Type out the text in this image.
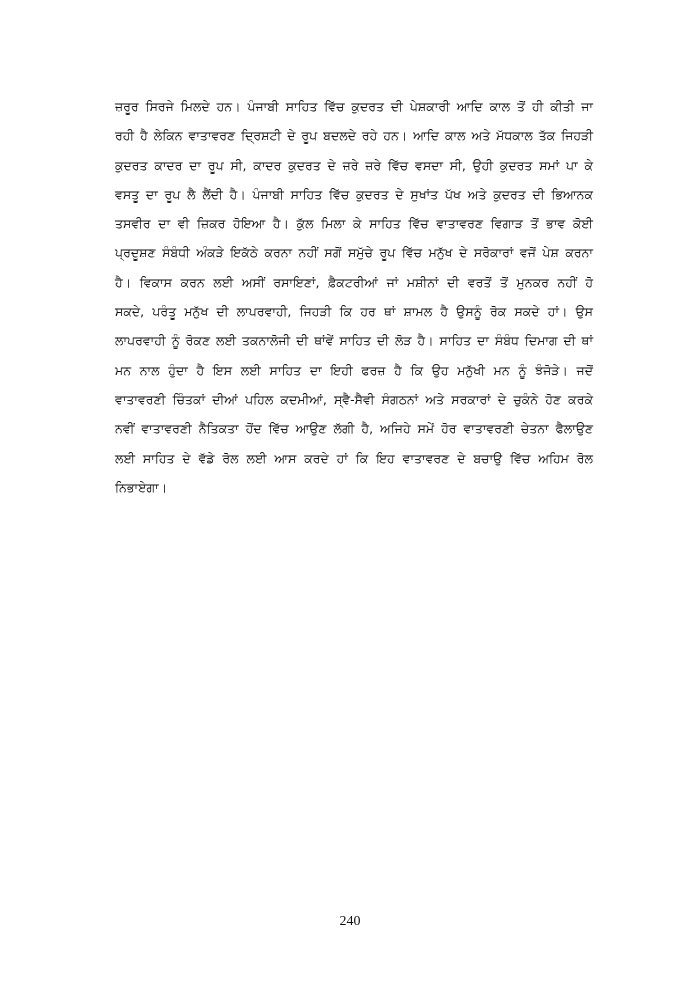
ਜ਼ਰੂਰ ਸਿਰਜੇ ਮਿਲਦੇ ਹਨ। ਪੰਜਾਬੀ ਸਾਹਿਤ ਵਿੱਚ ਕੁਦਰਤ ਦੀ ਪੇਸ਼ਕਾਰੀ ਆਦਿ ਕਾਲ ਤੋਂ ਹੀ ਕੀਤੀ ਜਾ
ਰਹੀ ਹੈ ਲੇਕਿਨ ਵਾਤਾਵਰਣ ਦ੍ਰਿਸ਼ਟੀ ਦੇ ਰੂਪ ਬਦਲਦੇ ਰਹੇ ਹਨ। ਆਦਿ ਕਾਲ ਅਤੇ ਮੱਧਕਾਲ ਤੱਕ ਜਿਹੜੀ
ਕੁਦਰਤ ਕਾਦਰ ਦਾ ਰੂਪ ਸੀ, ਕਾਦਰ ਕੁਦਰਤ ਦੇ ਜ਼ਰੇ ਜ਼ਰੇ ਵਿੱਚ ਵਸਦਾ ਸੀ, ਉਹੀ ਕੁਦਰਤ ਸਮਾਂ ਪਾ ਕੇ
ਵਸਤੂ ਦਾ ਰੂਪ ਲੈ ਲੈਂਦੀ ਹੈ। ਪੰਜਾਬੀ ਸਾਹਿਤ ਵਿੱਚ ਕੁਦਰਤ ਦੇ ਸੁਖਾਂਤ ਪੱਖ ਅਤੇ ਕੁਦਰਤ ਦੀ ਭਿਆਨਕ
ਤਸਵੀਰ ਦਾ ਵੀ ਜ਼ਿਕਰ ਹੋਇਆ ਹੈ। ਕੁੱਲ ਮਿਲਾ ਕੇ ਸਾਹਿਤ ਵਿੱਚ ਵਾਤਾਵਰਣ ਵਿਗਾੜ ਤੋਂ ਭਾਵ ਕੋਈ
ਪ੍ਰਦੂਸ਼ਣ ਸੰਬੰਧੀ ਅੰਕੜੇ ਇਕੱਠੇ ਕਰਨਾ ਨਹੀਂ ਸਗੋਂ ਸਮੁੱਚੇ ਰੂਪ ਵਿੱਚ ਮਨੁੱਖ ਦੇ ਸਰੋਕਾਰਾਂ ਵਜੋਂ ਪੇਸ਼ ਕਰਨਾ
ਹੈ। ਵਿਕਾਸ ਕਰਨ ਲਈ ਅਸੀਂ ਰਸਾਇਣਾਂ, ਫ਼ੈਕਟਰੀਆਂ ਜਾਂ ਮਸ਼ੀਨਾਂ ਦੀ ਵਰਤੋਂ ਤੋਂ ਮੁਨਕਰ ਨਹੀਂ ਹੋ
ਸਕਦੇ, ਪਰੰਤੂ ਮਨੁੱਖ ਦੀ ਲਾਪਰਵਾਹੀ, ਜਿਹੜੀ ਕਿ ਹਰ ਥਾਂ ਸ਼ਾਮਲ ਹੈ ਉਸਨੂੰ ਰੋਕ ਸਕਦੇ ਹਾਂ। ਉਸ
ਲਾਪਰਵਾਹੀ ਨੂੰ ਰੋਕਣ ਲਈ ਤਕਨਾਲੋਜੀ ਦੀ ਥਾਂਵੇਂ ਸਾਹਿਤ ਦੀ ਲੋੜ ਹੈ। ਸਾਹਿਤ ਦਾ ਸੰਬੰਧ ਦਿਮਾਗ ਦੀ ਥਾਂ
ਮਨ ਨਾਲ ਹੁੰਦਾ ਹੈ ਇਸ ਲਈ ਸਾਹਿਤ ਦਾ ਇਹੀ ਫਰਜ਼ ਹੈ ਕਿ ਉਹ ਮਨੁੱਖੀ ਮਨ ਨੂੰ ਝੰਜੋੜੇ। ਜਦੋਂ
ਵਾਤਾਵਰਣੀ ਚਿੰਤਕਾਂ ਦੀਆਂ ਪਹਿਲ ਕਦਮੀਆਂ, ਸ੍ਵੈ-ਸੈਵੀ ਸੰਗਠਨਾਂ ਅਤੇ ਸਰਕਾਰਾਂ ਦੇ ਚੁਕੰਨੇ ਹੋਣ ਕਰਕੇ
ਨਵੀਂ ਵਾਤਾਵਰਣੀ ਨੈਤਿਕਤਾ ਹੋਂਦ ਵਿੱਚ ਆਉਣ ਲੱਗੀ ਹੈ, ਅਜਿਹੇ ਸਮੇਂ ਹੋਰ ਵਾਤਾਵਰਣੀ ਚੇਤਨਾ ਫੈਲਾਉਣ
ਲਈ ਸਾਹਿਤ ਦੇ ਵੱਡੇ ਰੋਲ ਲਈ ਆਸ ਕਰਦੇ ਹਾਂ ਕਿ ਇਹ ਵਾਤਾਵਰਣ ਦੇ ਬਚਾਉ ਵਿੱਚ ਅਹਿਮ ਰੋਲ
ਨਿਭਾਏਗਾ।
240
